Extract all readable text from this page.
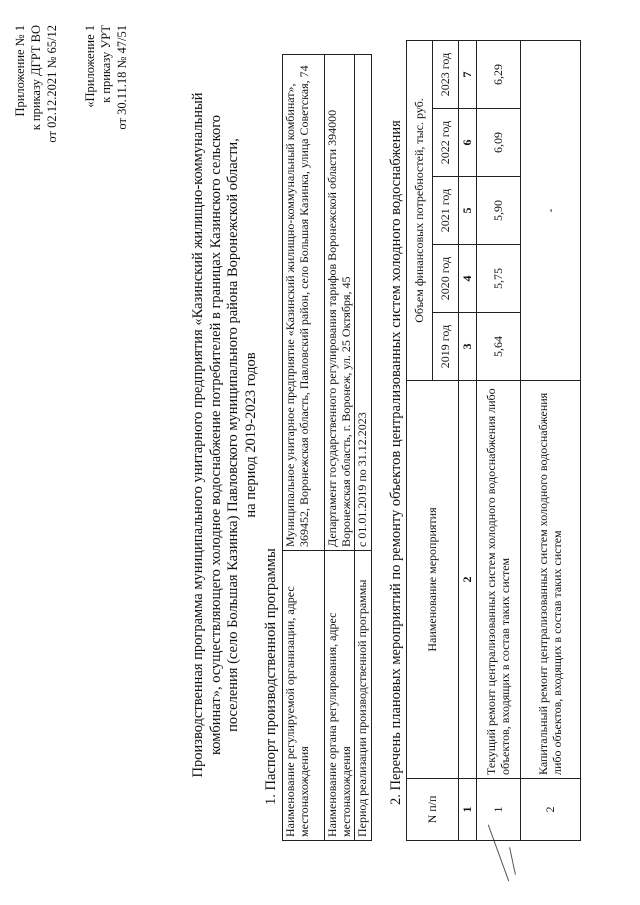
Приложение № 1 к приказу ДГРТ ВО от 02.12.2021 № 65/12 «Приложение 1 к приказу УРТ от 30.11.18 № 47/51
Производственная программа муниципального унитарного предприятия «Казинский жилищно-коммунальный комбинат», осуществляющего холодное водоснабжение потребителей в границах Казинского сельского поселения (село Большая Казинка) Павловского муниципального района Воронежской области, на период 2019-2023 годов
1. Паспорт производственной программы Наименование регулируемой организации, адрес местонахождения	Муниципальное унитарное предприятие «Казинский жилищно-коммунальный комбинат», 369452, Воронежская область, Павловский район, село Большая Казинка, улица Советская, 74
Наименование органа регулирования, адрес местонахождения	Департамент государственного регулирования тарифов Воронежской области 394000 Воронежская область, г. Воронеж, ул. 25 Октября, 45
Период реализации производственной программы	с 01.01.2019 по 31.12.2023 2. Перечень плановых мероприятий по ремонту объектов централизованных систем холодного водоснабжения
N п/п	Наименование мероприятия	Объем финансовых потребностей, тыс. руб.				
		2019 год	2020 год	2021 год	2022 год	2023 год
1	2	3	4	5	6	7
1	Текущий ремонт централизованных систем холодного водоснабжения либо объектов, входящих в состав таких систем	5,64	5,75	5,90	6,09	6,29
2	Капитальный ремонт централизованных систем холодного водоснабжения либо объектов, входящих в состав таких систем	-				
